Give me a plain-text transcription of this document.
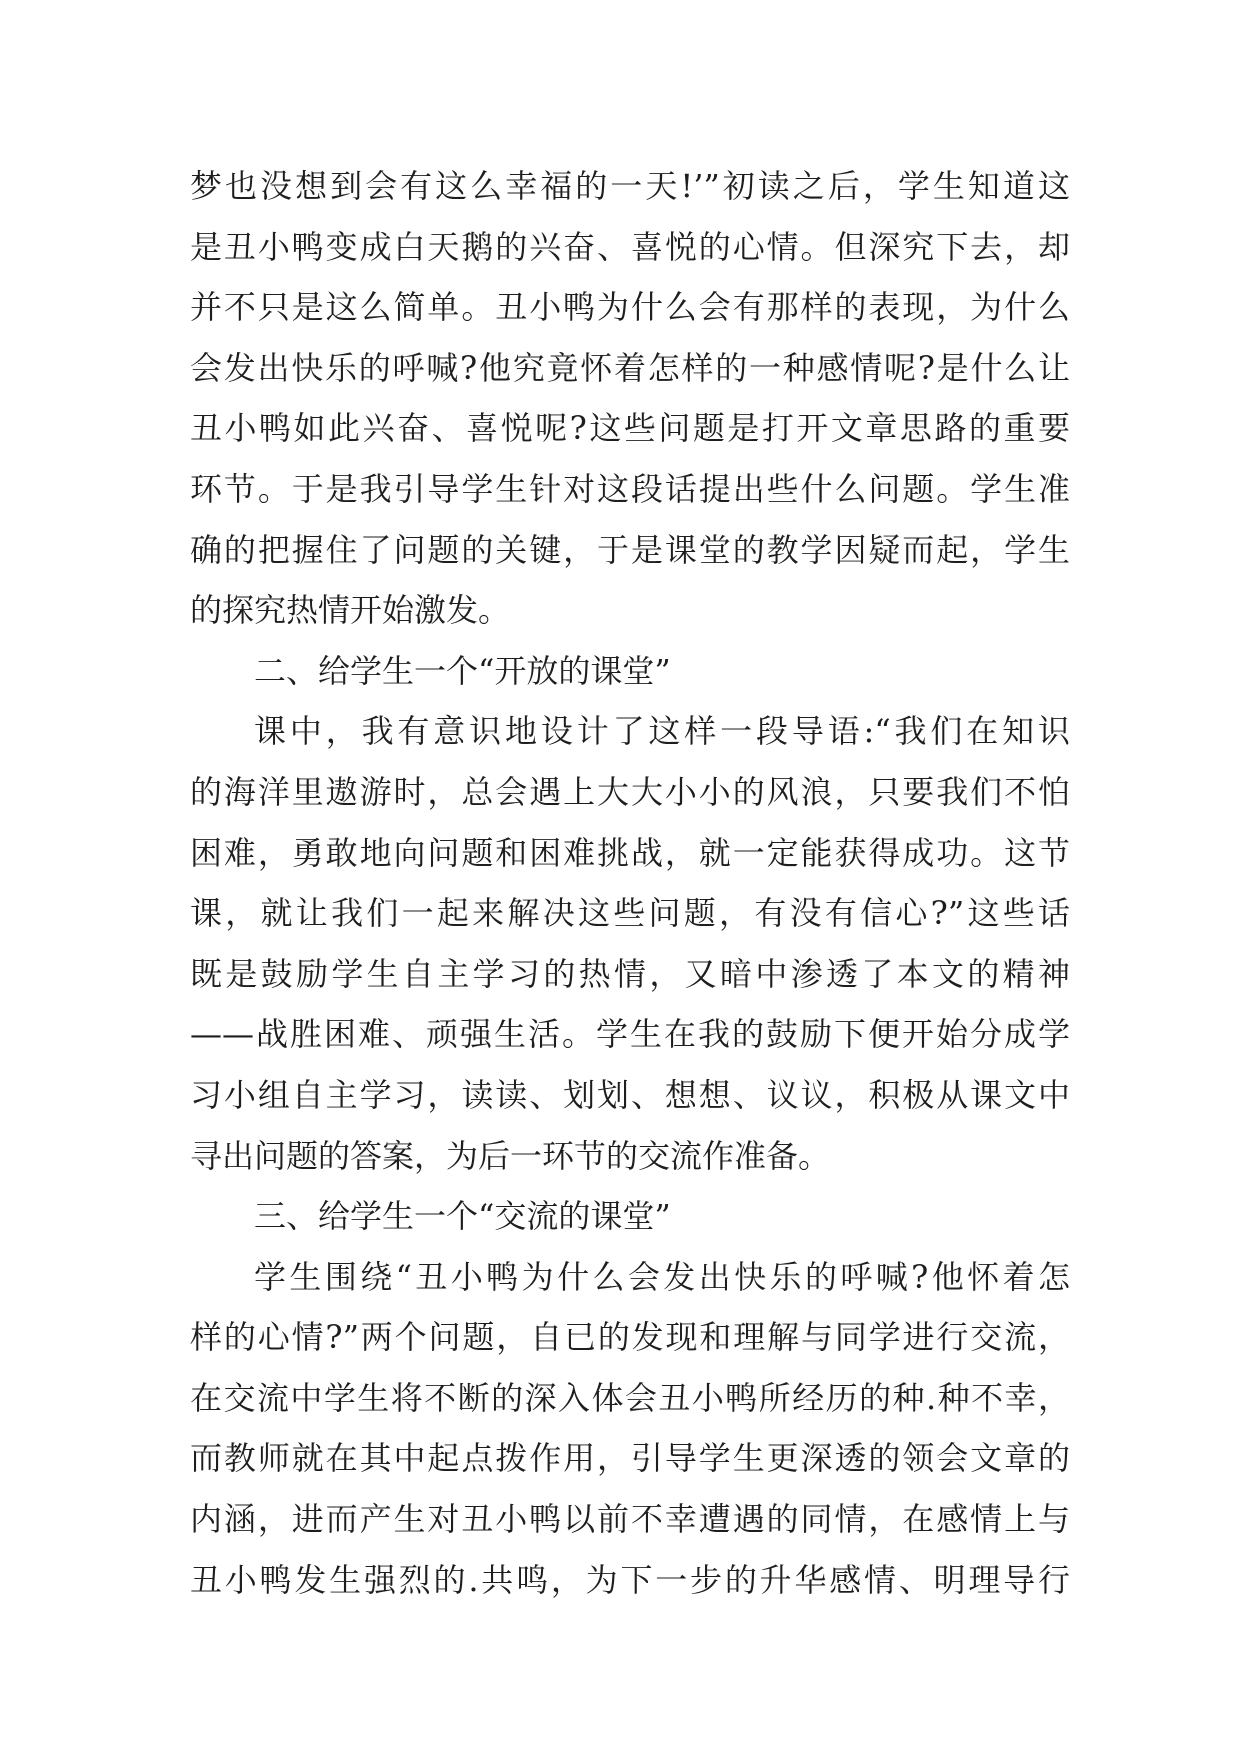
梦也没想到会有这么幸福的一天!’”初读之后，学生知道这
是丑小鸭变成白天鹅的兴奋、喜悦的心情。但深究下去，却
并不只是这么简单。丑小鸭为什么会有那样的表现，为什么
会发出快乐的呼喊?他究竟怀着怎样的一种感情呢?是什么让
丑小鸭如此兴奋、喜悦呢?这些问题是打开文章思路的重要
环节。于是我引导学生针对这段话提出些什么问题。学生准
确的把握住了问题的关键，于是课堂的教学因疑而起，学生
的探究热情开始激发。
二、给学生一个“开放的课堂”
课中，我有意识地设计了这样一段导语:“我们在知识
的海洋里遨游时，总会遇上大大小小的风浪，只要我们不怕
困难，勇敢地向问题和困难挑战，就一定能获得成功。这节
课，就让我们一起来解决这些问题，有没有信心?”这些话
既是鼓励学生自主学习的热情，又暗中渗透了本文的精神
——战胜困难、顽强生活。学生在我的鼓励下便开始分成学
习小组自主学习，读读、划划、想想、议议，积极从课文中
寻出问题的答案，为后一环节的交流作准备。
三、给学生一个“交流的课堂”
学生围绕“丑小鸭为什么会发出快乐的呼喊?他怀着怎
样的心情?”两个问题，自已的发现和理解与同学进行交流，
在交流中学生将不断的深入体会丑小鸭所经历的种.种不幸，
而教师就在其中起点拨作用，引导学生更深透的领会文章的
内涵，进而产生对丑小鸭以前不幸遭遇的同情，在感情上与
丑小鸭发生强烈的.共鸣，为下一步的升华感情、明理导行
